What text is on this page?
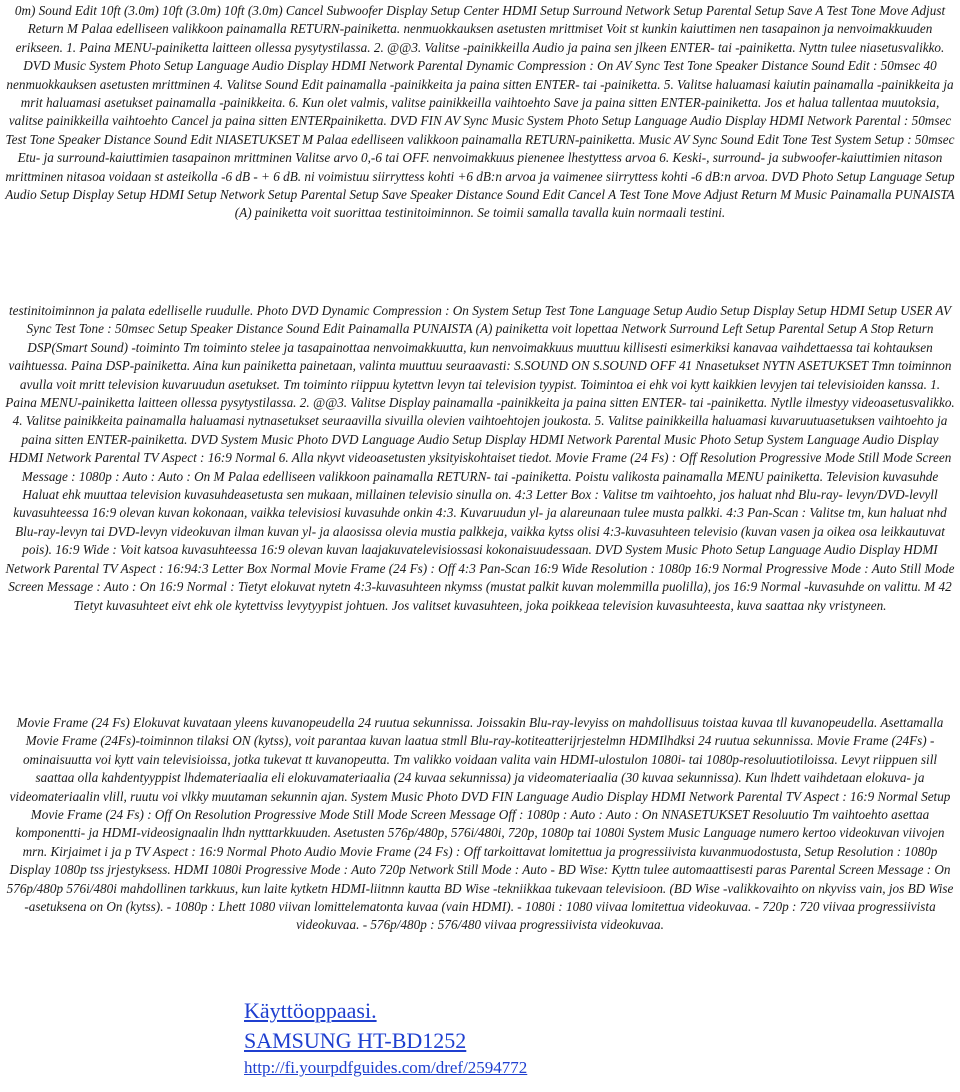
0m) Sound Edit 10ft (3.0m) 10ft (3.0m) 10ft (3.0m) Cancel Subwoofer Display Setup Center HDMI Setup Surround Network Setup Parental Setup Save A Test Tone Move Adjust Return M Palaa edelliseen valikkoon painamalla RETURN-painiketta. nenmuokkauksen asetusten mrittmiset Voit st kunkin kaiuttimen nen tasapainon ja nenvoimakkuuden erikseen. 1. Paina MENU-painiketta laitteen ollessa pysytystilassa. 2. @@3. Valitse -painikkeilla Audio ja paina sen jlkeen ENTER- tai -painiketta. Nyttn tulee niasetusvalikko. DVD Music System Photo Setup Language Audio Display HDMI Network Parental Dynamic Compression : On AV Sync Test Tone Speaker Distance Sound Edit : 50msec 40 nenmuokkauksen asetusten mrittminen 4. Valitse Sound Edit painamalla -painikkeita ja paina sitten ENTER- tai -painiketta. 5. Valitse haluamasi kaiutin painamalla -painikkeita ja mrit haluamasi asetukset painamalla -painikkeita. 6. Kun olet valmis, valitse painikkeilla vaihtoehto Save ja paina sitten ENTER-painiketta. Jos et halua tallentaa muutoksia, valitse painikkeilla vaihtoehto Cancel ja paina sitten ENTERpainiketta. DVD FIN AV Sync Music System Photo Setup Language Audio Display HDMI Network Parental : 50msec Test Tone Speaker Distance Sound Edit NIASETUKSET M Palaa edelliseen valikkoon painamalla RETURN-painiketta. Music AV Sync Sound Edit Tone Test System Setup : 50msec Etu- ja surround-kaiuttimien tasapainon mrittminen Valitse arvo 0,-6 tai OFF. nenvoimakkuus pienenee lhestyttess arvoa 6. Keski-, surround- ja subwoofer-kaiuttimien nitason mrittminen nitasoa voidaan st asteikolla -6 dB - + 6 dB. ni voimistuu siirryttess kohti +6 dB:n arvoa ja vaimenee siirryttess kohti -6 dB:n arvoa. DVD Photo Setup Language Setup Audio Setup Display Setup HDMI Setup Network Setup Parental Setup Save Speaker Distance Sound Edit Cancel A Test Tone Move Adjust Return M Music Painamalla PUNAISTA (A) painiketta voit suorittaa testinitoiminnon. Se toimii samalla tavalla kuin normaali testini.

testinitoiminnon ja palata edelliselle ruudulle. Photo DVD Dynamic Compression : On System Setup Test Tone Language Setup Audio Setup Display Setup HDMI Setup USER AV Sync Test Tone : 50msec Setup Speaker Distance Sound Edit Painamalla PUNAISTA (A) painiketta voit lopettaa Network Surround Left Setup Parental Setup A Stop Return DSP(Smart Sound) -toiminto Tm toiminto stelee ja tasapainottaa nenvoimakkuutta, kun nenvoimakkuus muuttuu killisesti esimerkiksi kanavaa vaihdettaessa tai kohtauksen vaihtuessa. Paina DSP-painiketta. Aina kun painiketta painetaan, valinta muuttuu seuraavasti: S.SOUND ON S.SOUND OFF 41 Nnasetukset NYTN ASETUKSET Tmn toiminnon avulla voit mritt television kuvaruudun asetukset. Tm toiminto riippuu kytettvn levyn tai television tyypist. Toimintoa ei ehk voi kytt kaikkien levyjen tai televisioiden kanssa. 1. Paina MENU-painiketta laitteen ollessa pysytystilassa. 2. @@3. Valitse Display painamalla -painikkeita ja paina sitten ENTER- tai -painiketta. Nytlle ilmestyy videoasetusvalikko. 4. Valitse painikkeita painamalla haluamasi nytnasetukset seuraavilla sivuilla olevien vaihtoehtojen joukosta. 5. Valitse painikkeilla haluamasi kuvaruutuasetuksen vaihtoehto ja paina sitten ENTER-painiketta. DVD System Music Photo DVD Language Audio Setup Display HDMI Network Parental Music Photo Setup System Language Audio Display HDMI Network Parental TV Aspect : 16:9 Normal 6. Alla nkyvt videoasetusten yksityiskohtaiset tiedot. Movie Frame (24 Fs) : Off Resolution Progressive Mode Still Mode Screen Message : 1080p : Auto : Auto : On M Palaa edelliseen valikkoon painamalla RETURN- tai -painiketta. Poistu valikosta painamalla MENU painiketta. Television kuvasuhde Haluat ehk muuttaa television kuvasuhdeasetusta sen mukaan, millainen televisio sinulla on. 4:3 Letter Box : Valitse tm vaihtoehto, jos haluat nhd Blu-ray- levyn/DVD-levyll kuvasuhteessa 16:9 olevan kuvan kokonaan, vaikka televisiosi kuvasuhde onkin 4:3. Kuvaruudun yl- ja alareunaan tulee musta palkki. 4:3 Pan-Scan : Valitse tm, kun haluat nhd Blu-ray-levyn tai DVD-levyn videokuvan ilman kuvan yl- ja alaosissa olevia mustia palkkeja, vaikka kytss olisi 4:3-kuvasuhteen televisio (kuvan vasen ja oikea osa leikkautuvat pois). 16:9 Wide : Voit katsoa kuvasuhteessa 16:9 olevan kuvan laajakuvatelevisiossasi kokonaisuudessaan. DVD System Music Photo Setup Language Audio Display HDMI Network Parental TV Aspect : 16:94:3 Letter Box Normal Movie Frame (24 Fs) : Off 4:3 Pan-Scan 16:9 Wide Resolution : 1080p 16:9 Normal Progressive Mode : Auto Still Mode Screen Message : Auto : On 16:9 Normal : Tietyt elokuvat nytetn 4:3-kuvasuhteen nkymss (mustat palkit kuvan molemmilla puolilla), jos 16:9 Normal -kuvasuhde on valittu. M 42 Tietyt kuvasuhteet eivt ehk ole kytettviss levytyypist johtuen. Jos valitset kuvasuhteen, joka poikkeaa television kuvasuhteesta, kuva saattaa nky vristyneen.

Movie Frame (24 Fs) Elokuvat kuvataan yleens kuvanopeudella 24 ruutua sekunnissa. Joissakin Blu-ray-levyiss on mahdollisuus toistaa kuvaa tll kuvanopeudella. Asettamalla Movie Frame (24Fs)-toiminnon tilaksi ON (kytss), voit parantaa kuvan laatua stmll Blu-ray-kotiteatterijrjestelmn HDMIlhdksi 24 ruutua sekunnissa. Movie Frame (24Fs) -ominaisuutta voi kytt vain televisioissa, jotka tukevat tt kuvanopeutta. Tm valikko voidaan valita vain HDMI-ulostulon 1080i- tai 1080p-resoluutiotiloissa. Levyt riippuen sill saattaa olla kahdentyyppist lhdemateriaalia eli elokuvamateriaalia (24 kuvaa sekunnissa) ja videomateriaalia (30 kuvaa sekunnissa). Kun lhdett vaihdetaan elokuva- ja videomateriaalin vlill, ruutu voi vlkky muutaman sekunnin ajan. System Music Photo DVD FIN Language Audio Display HDMI Network Parental TV Aspect : 16:9 Normal Setup Movie Frame (24 Fs) : Off On Resolution Progressive Mode Still Mode Screen Message Off : 1080p : Auto : Auto : On NNASETUKSET Resoluutio Tm vaihtoehto asettaa komponentti- ja HDMI-videosignaalin lhdn nytttarkkuuden. Asetusten 576p/480p, 576i/480i, 720p, 1080p tai 1080i System Music Language numero kertoo videokuvan viivojen mrn. Kirjaimet i ja p TV Aspect : 16:9 Normal Photo Audio Movie Frame (24 Fs) : Off tarkoittavat lomitettua ja progressiivista kuvanmuodostusta, Setup Resolution : 1080p Display 1080p tss jrjestyksess. HDMI 1080i Progressive Mode : Auto 720p Network Still Mode : Auto - BD Wise: Kyttn tulee automaattisesti paras Parental Screen Message : On 576p/480p 576i/480i mahdollinen tarkkuus, kun laite kytketn HDMI-liitnnn kautta BD Wise -tekniikkaa tukevaan televisioon. (BD Wise -valikkovaihto on nkyviss vain, jos BD Wise -asetuksena on On (kytss). - 1080p : Lhett 1080 viivan lomittelematonta kuvaa (vain HDMI). - 1080i : 1080 viivaa lomitettua videokuvaa. - 720p : 720 viivaa progressiivista videokuvaa. - 576p/480p : 576/480 viivaa progressiivista videokuvaa.

Käyttöoppaasi.
SAMSUNG HT-BD1252
http://fi.yourpdfguides.com/dref/2594772
